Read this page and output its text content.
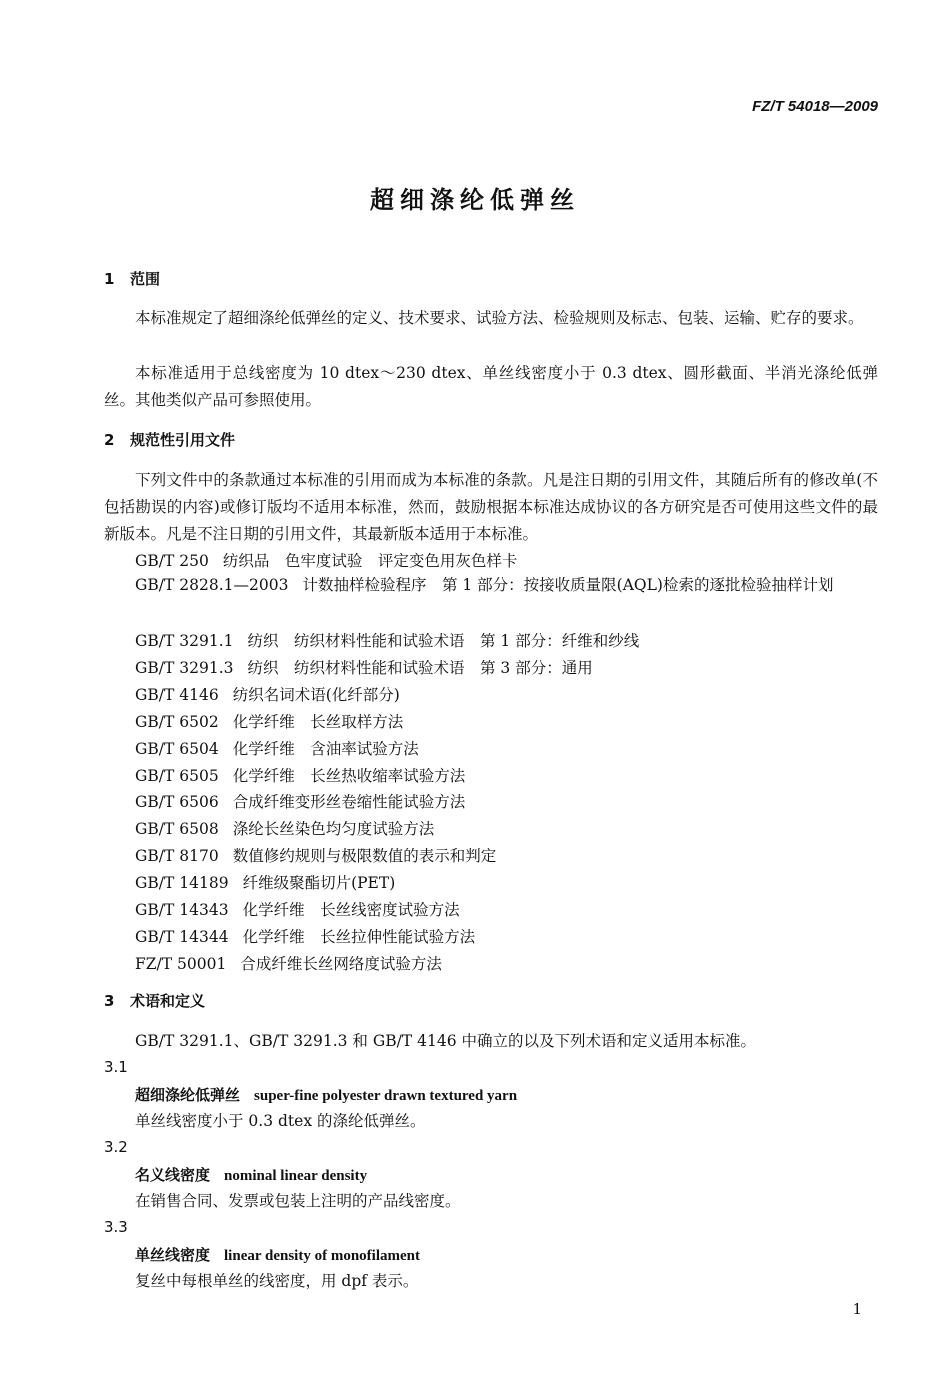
FZ/T 54018—2009
超细涤纶低弹丝
1 范围
本标准规定了超细涤纶低弹丝的定义、技术要求、试验方法、检验规则及标志、包装、运输、贮存的要求。
本标准适用于总线密度为 10 dtex～230 dtex、单丝线密度小于 0.3 dtex、圆形截面、半消光涤纶低弹丝。其他类似产品可参照使用。
2 规范性引用文件
下列文件中的条款通过本标准的引用而成为本标准的条款。凡是注日期的引用文件，其随后所有的修改单(不包括勘误的内容)或修订版均不适用本标准，然而，鼓励根据本标准达成协议的各方研究是否可使用这些文件的最新版本。凡是不注日期的引用文件，其最新版本适用于本标准。
GB/T 250 纺织品　色牢度试验　评定变色用灰色样卡
GB/T 2828.1—2003 计数抽样检验程序　第 1 部分：按接收质量限(AQL)检索的逐批检验抽样计划
GB/T 3291.1 纺织　纺织材料性能和试验术语　第 1 部分：纤维和纱线
GB/T 3291.3 纺织　纺织材料性能和试验术语　第 3 部分：通用
GB/T 4146 纺织名词术语(化纤部分)
GB/T 6502 化学纤维　长丝取样方法
GB/T 6504 化学纤维　含油率试验方法
GB/T 6505 化学纤维　长丝热收缩率试验方法
GB/T 6506 合成纤维变形丝卷缩性能试验方法
GB/T 6508 涤纶长丝染色均匀度试验方法
GB/T 8170 数值修约规则与极限数值的表示和判定
GB/T 14189 纤维级聚酯切片(PET)
GB/T 14343 化学纤维　长丝线密度试验方法
GB/T 14344 化学纤维　长丝拉伸性能试验方法
FZ/T 50001 合成纤维长丝网络度试验方法
3 术语和定义
GB/T 3291.1、GB/T 3291.3 和 GB/T 4146 中确立的以及下列术语和定义适用本标准。
3.1
超细涤纶低弹丝 super-fine polyester drawn textured yarn
单丝线密度小于 0.3 dtex 的涤纶低弹丝。
3.2
名义线密度 nominal linear density
在销售合同、发票或包装上注明的产品线密度。
3.3
单丝线密度 linear density of monofilament
复丝中每根单丝的线密度，用 dpf 表示。
1
